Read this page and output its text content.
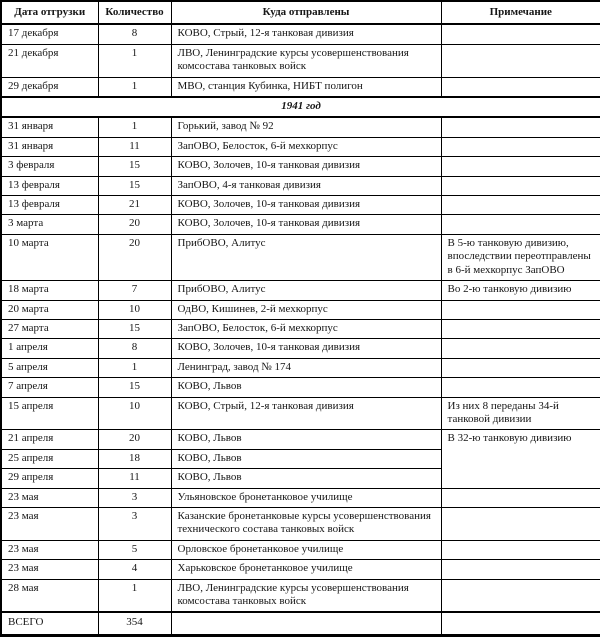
Дата отгрузки	Количество	Куда отправлены	Примечание
17 декабря	8	КОВО, Стрый, 12-я танковая дивизия	
21 декабря	1	ЛВО, Ленинградские курсы усовершенствования комсостава танковых войск	
29 декабря	1	МВО, станция Кубинка, НИБТ полигон	
1941 год			
31 января	1	Горький, завод № 92	
31 января	11	ЗапОВО, Белосток, 6-й мехкорпус	
3 февраля	15	КОВО, Золочев, 10-я танковая дивизия	
13 февраля	15	ЗапОВО, 4-я танковая дивизия	
13 февраля	21	КОВО, Золочев, 10-я танковая дивизия	
3 марта	20	КОВО, Золочев, 10-я танковая дивизия	
10 марта	20	ПрибОВО, Алитус	В 5-ю танковую дивизию, впоследствии переотправлены в 6-й мехкорпус ЗапОВО
18 марта	7	ПрибОВО, Алитус	Во 2-ю танковую дивизию
20 марта	10	ОдВО, Кишинев, 2-й мехкорпус	
27 марта	15	ЗапОВО, Белосток, 6-й мехкорпус	
1 апреля	8	КОВО, Золочев, 10-я танковая дивизия	
5 апреля	1	Ленинград, завод № 174	
7 апреля	15	КОВО, Львов	
15 апреля	10	КОВО, Стрый, 12-я танковая дивизия	Из них 8 переданы 34-й танковой дивизии
21 апреля	20	КОВО, Львов	В 32-ю танковую дивизию
25 апреля	18	КОВО, Львов	
29 апреля	11	КОВО, Львов	
23 мая	3	Ульяновское бронетанковое училище	
23 мая	3	Казанские бронетанковые курсы усовершенствования технического состава танковых войск	
23 мая	5	Орловское бронетанковое училище	
23 мая	4	Харьковское бронетанковое училище	
28 мая	1	ЛВО, Ленинградские курсы усовершенствования комсостава танковых войск	
ВСЕГО	354		
